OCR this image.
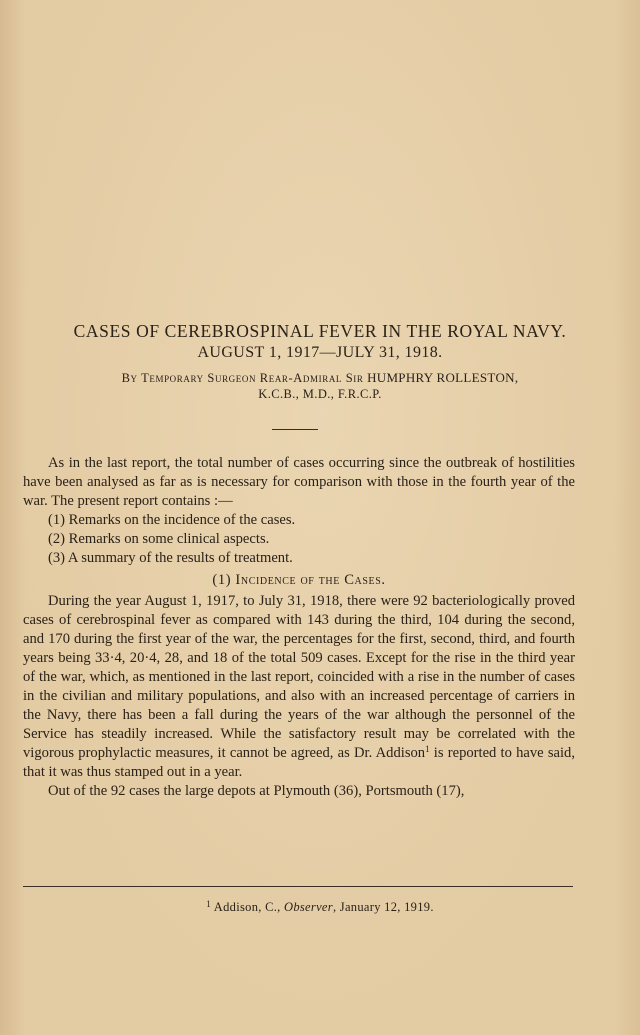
CASES OF CEREBROSPINAL FEVER IN THE ROYAL NAVY.
AUGUST 1, 1917—JULY 31, 1918.
By Temporary Surgeon Rear-Admiral Sir HUMPHRY ROLLESTON,
K.C.B., M.D., F.R.C.P.

As in the last report, the total number of cases occurring since the outbreak of hostilities have been analysed as far as is necessary for comparison with those in the fourth year of the war. The present report contains :—

(1) Remarks on the incidence of the cases.
(2) Remarks on some clinical aspects.
(3) A summary of the results of treatment.
(1) Incidence of the Cases.

During the year August 1, 1917, to July 31, 1918, there were 92 bacteriologically proved cases of cerebrospinal fever as compared with 143 during the third, 104 during the second, and 170 during the first year of the war, the percentages for the first, second, third, and fourth years being 33·4, 20·4, 28, and 18 of the total 509 cases. Except for the rise in the third year of the war, which, as mentioned in the last report, coincided with a rise in the number of cases in the civilian and military populations, and also with an increased percentage of carriers in the Navy, there has been a fall during the years of the war although the personnel of the Service has steadily increased. While the satisfactory result may be correlated with the vigorous prophylactic measures, it cannot be agreed, as Dr. Addison$^1$ is reported to have said, that it was thus stamped out in a year.

Out of the 92 cases the large depots at Plymouth (36), Portsmouth (17),

$^1$ Addison, C., Observer, January 12, 1919.
